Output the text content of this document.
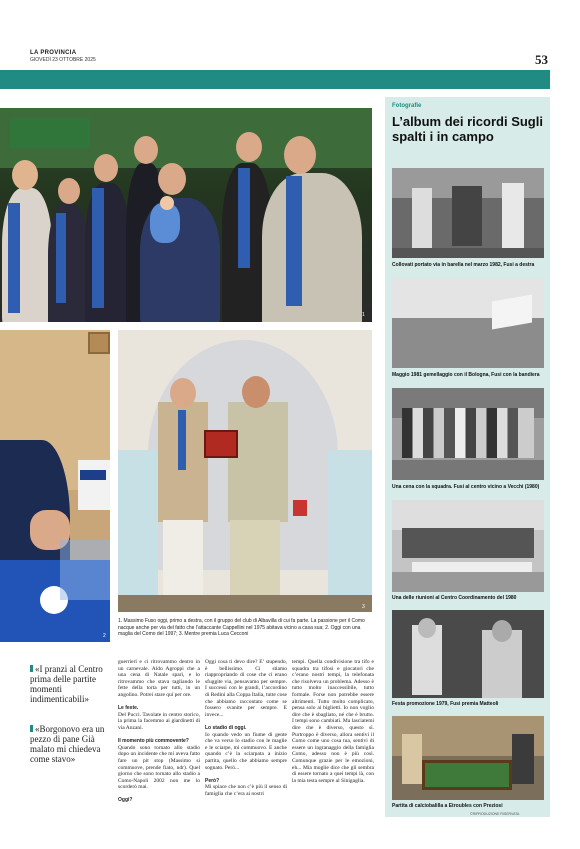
LA PROVINCIA
GIOVEDÌ 23 OTTOBRE 2025	53
1
2
3
1. Massimo Fuso oggi, primo a destra, con il gruppo del club di Albavilla di cui fa parte. La passione per il Como nacque anche per via del fatto che l’attaccante Cappellini nel 1975 abitava vicino a casa sua; 2. Oggi con una maglia del Como del 1997; 3. Mentre premia Luca Cecconi
Fotografie
L’album dei ricordi Sugli spalti i in campo
Collovati portato via in barella nel marzo 1982, Fusi a destra
Maggio 1981 gemellaggio con il Bologna, Fusi con la bandiera
Una cena con la squadra. Fusi al centro vicino a Vecchi (1980)
Una delle riunioni al Centro Coordinamento del 1980
Festa promozione 1979, Fusi premia Matteoli
Partita di calciobalilla a Etroubles con Preziosi
«I pranzi al Centro prima delle partite momenti indimenticabili»
«Borgonovo era un pezzo di pane Già malato mi chiedeva come stavo»
guerrieri e ci ritrovammo dentro in un carnevale. Aldo Agroppi che a una cena di Natale sparì, e lo ritrovammo che stava tagliando le fette della torta per tutti, in un angolino. Potrei stare qui per ore.

Le feste.
Del Pucci. Tavolate in centro storico, la prima la facemmo ai giardinetti di via Anzani.

Il momento più commovente?
Quando sono tornato allo stadio dopo un incidente che mi aveva fatto fare un pit stop (Massimo si commuove, prende fiato, ndr). Quel giorno che sono tornato allo stadio a Como-Napoli 2002 non me lo scorderò mai.

Oggi?
Oggi cosa ti devo dire? E’ stupendo, è bellissimo. Ci stiamo riappropriando di cose che ci erano sfuggite via, pensavamo per sempre. I successi con le grandi, l’accordino di Redini alla Coppa Italia, tutte cose che abbiamo raccontato come se fossero svanite per sempre. E invece...

Lo stadio di oggi.
Io quando vedo un fiume di gente che va verso lo stadio con le maglie e le sciarpe, mi commuovo. E anche quando c’è la sciarpata a inizio partita, quello che abbiamo sempre sognato. Però...

Però?
Mi spiace che non c’è più il senso di famiglia che c’era ai nostri
tempi. Quella condivisione tra tifo e squadra tra tifosi e giocatori che c’erano nostri tempi, la telefonata che risolveva un problema. Adesso è tutto molto inaccessibile, tutto formale. Forse non potrebbe essere altrimenti. Tutto molto complicato, pensa solo ai biglietti. Io non voglio dire che è sbagliato, né che è brutto. I tempi sono cambiati. Ma lasciatemi dire che è diverso, questo sì. Purtroppo è diverso, allora sentivi il Como come uno cosa tua, sentivi di essere un ingranaggio della famiglia Como, adesso non è più così. Comunque grazie per le emozioni, eh... Mia moglie dice che gli sembra di essere tornato a quei tempi là, con la mia testa sempre al Sinigaglia.
©RIPRODUZIONE RISERVATA
